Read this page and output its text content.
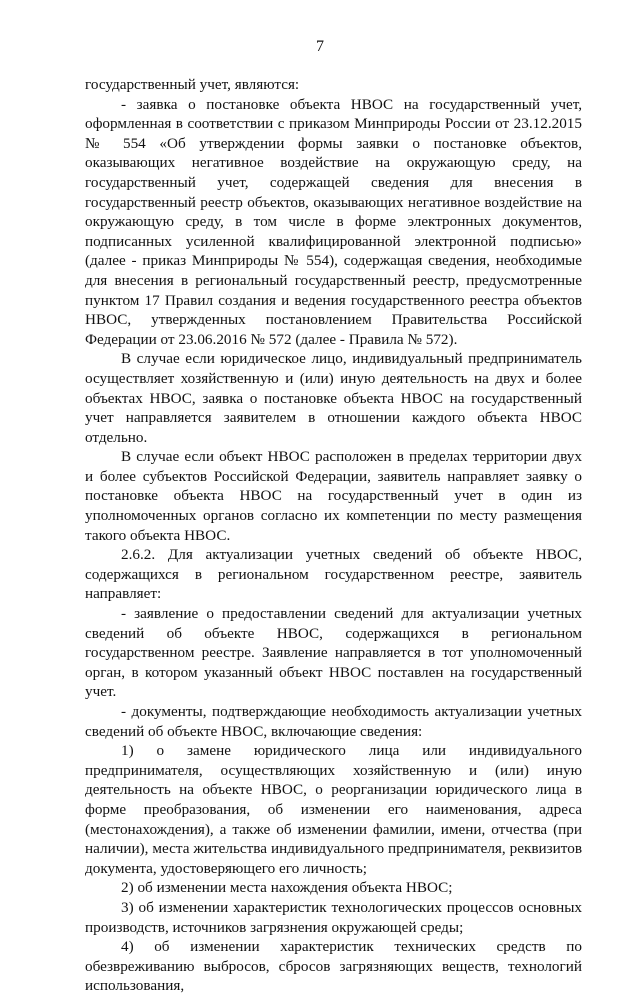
7

государственный учет, являются:

- заявка о постановке объекта НВОС на государственный учет, оформленная в соответствии с приказом Минприроды России от 23.12.2015 № 554 «Об утверждении формы заявки о постановке объектов, оказывающих негативное воздействие на окружающую среду, на государственный учет, содержащей сведения для внесения в государственный реестр объектов, оказывающих негативное воздействие на окружающую среду, в том числе в форме электронных документов, подписанных усиленной квалифицированной электронной подписью» (далее - приказ Минприроды № 554), содержащая сведения, необходимые для внесения в региональный государственный реестр, предусмотренные пунктом 17 Правил создания и ведения государственного реестра объектов НВОС, утвержденных постановлением Правительства Российской Федерации от 23.06.2016 № 572 (далее - Правила № 572).

В случае если юридическое лицо, индивидуальный предприниматель осуществляет хозяйственную и (или) иную деятельность на двух и более объектах НВОС, заявка о постановке объекта НВОС на государственный учет направляется заявителем в отношении каждого объекта НВОС отдельно.

В случае если объект НВОС расположен в пределах территории двух и более субъектов Российской Федерации, заявитель направляет заявку о постановке объекта НВОС на государственный учет в один из уполномоченных органов согласно их компетенции по месту размещения такого объекта НВОС.

2.6.2. Для актуализации учетных сведений об объекте НВОС, содержащихся в региональном государственном реестре, заявитель направляет:

- заявление о предоставлении сведений для актуализации учетных сведений об объекте НВОС, содержащихся в региональном государственном реестре. Заявление направляется в тот уполномоченный орган, в котором указанный объект НВОС поставлен на государственный учет.

- документы, подтверждающие необходимость актуализации учетных сведений об объекте НВОС, включающие сведения:

1) о замене юридического лица или индивидуального предпринимателя, осуществляющих хозяйственную и (или) иную деятельность на объекте НВОС, о реорганизации юридического лица в форме преобразования, об изменении его наименования, адреса (местонахождения), а также об изменении фамилии, имени, отчества (при наличии), места жительства индивидуального предпринимателя, реквизитов документа, удостоверяющего его личность;

2) об изменении места нахождения объекта НВОС;

3) об изменении характеристик технологических процессов основных производств, источников загрязнения окружающей среды;

4) об изменении характеристик технических средств по обезвреживанию выбросов, сбросов загрязняющих веществ, технологий использования,
